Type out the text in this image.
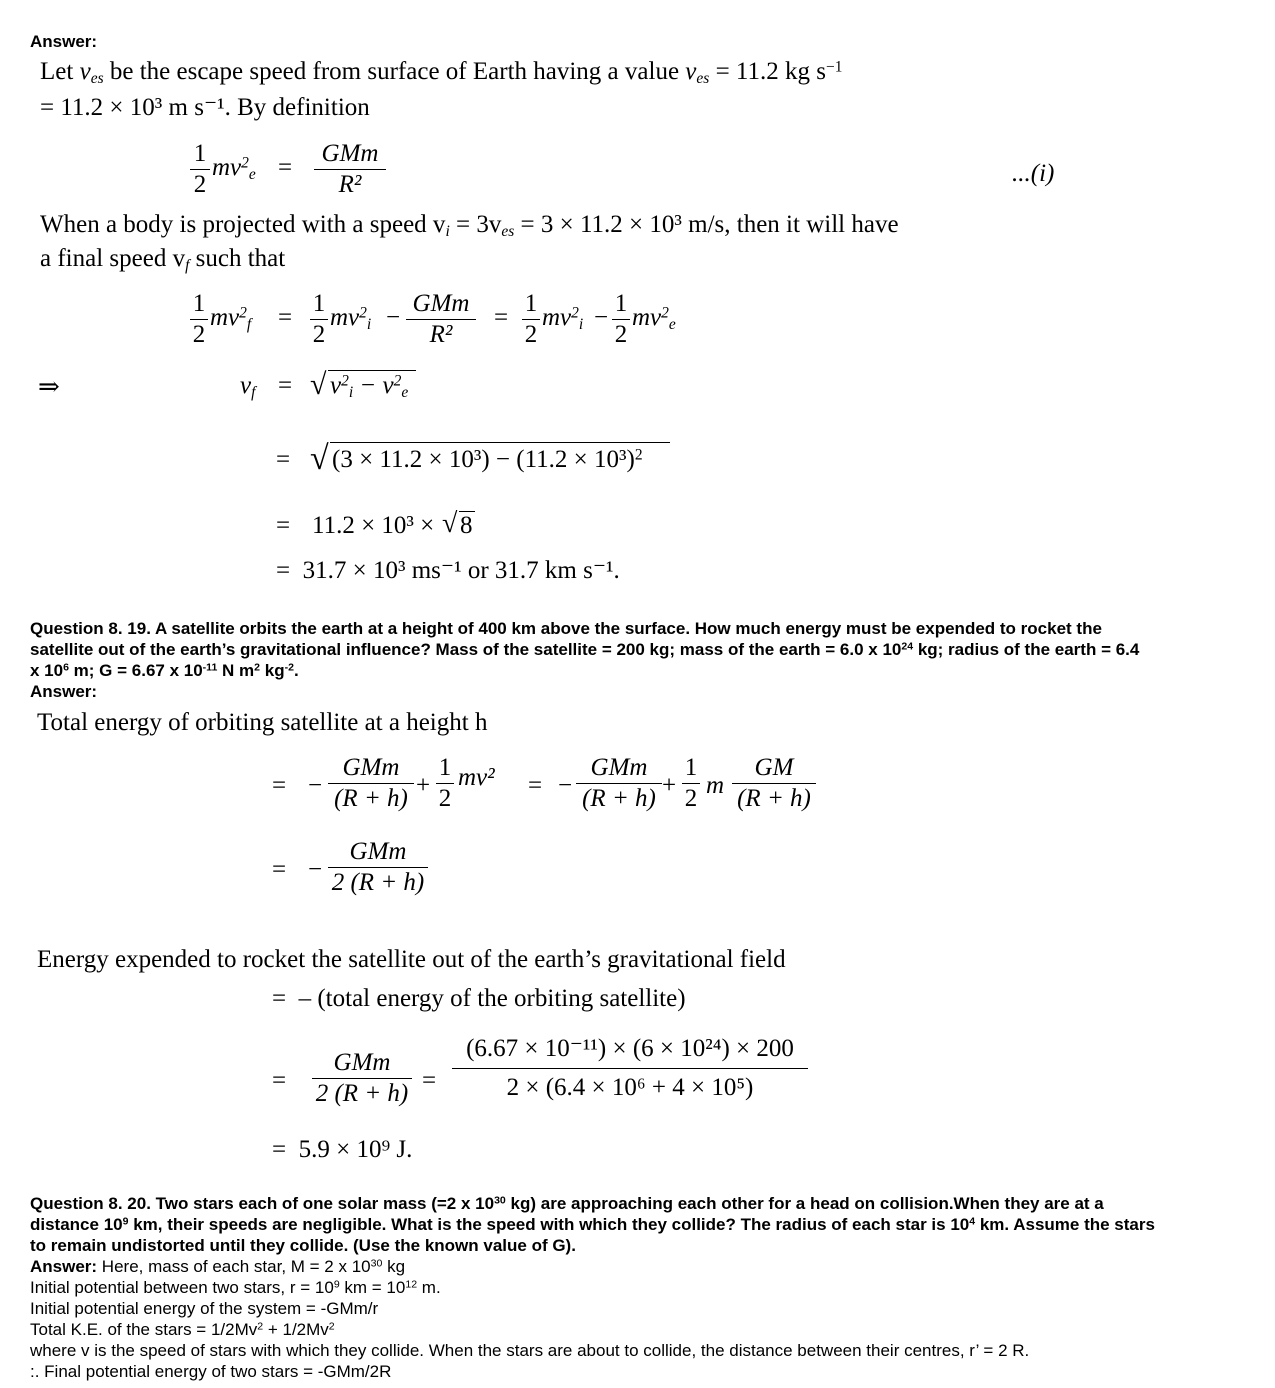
Answer:
Let $v_{es}$ be the escape speed from surface of Earth having a value $v_{es} = 11.2$ kg $s^{-1}$
= 11.2 × 10³ m s⁻¹. By definition
1
2
$mv^2_e$ =
GMm
R²	...(i)
When a body is projected with a speed $v_i = 3v_{es} = 3 \times 11.2 \times 10^3$ m/s, then it will have
a final speed $v_f$ such that
1
2
$mv^2_f$ =
1
2
$mv^2_i$ −
GMm
R²
=
1
2
$mv^2_i$ −
1
2
$mv^2_e$
⇒	$v_f$ = √ $v^2_i - v^2_e$
= √ $(3 \times 11.2 \times 10^3) - (11.2 \times 10^3)^2$
= 11.2 × 10³ × √ 8
= 31.7 × 10³ ms⁻¹ or 31.7 km s⁻¹.
Question 8. 19. A satellite orbits the earth at a height of 400 km above the surface. How much energy must be expended to rocket the
satellite out of the earth’s gravitational influence? Mass of the satellite = 200 kg; mass of the earth = 6.0 x $10^{24}$ kg; radius of the earth = 6.4
x $10^6$ m; G = 6.67 x $10^{-11}$ N $m^2$ $kg^{-2}$.
Answer:
Total energy of orbiting satellite at a height h
= −
GMm
(R + h) +
1
2
mv² = −
GMm
(R + h) +
1
2 m
GM
(R + h)
= −
GMm
2 (R + h)
Energy expended to rocket the satellite out of the earth’s gravitational field
= – (total energy of the orbiting satellite)
=
GMm
2 (R + h) =
(6.67 × 10⁻¹¹) × (6 × 10²⁴) × 200
2 × (6.4 × 10⁶ + 4 × 10⁵)
= 5.9 × 10⁹ J.
Question 8. 20. Two stars each of one solar mass (=2 x $10^{30}$ kg) are approaching each other for a head on collision.When they are at a
distance $10^9$ km, their speeds are negligible. What is the speed with which they collide? The radius of each star is $10^4$ km. Assume the stars
to remain undistorted until they collide. (Use the known value of G).
Answer: Here, mass of each star, M = 2 x $10^{30}$ kg
Initial potential between two stars, $r = 10^9$ km = $10^{12}$ m.
Initial potential energy of the system = -GMm/r
Total K.E. of the stars = $1/2Mv^2 + 1/2Mv^2$
where v is the speed of stars with which they collide. When the stars are about to collide, the distance between their centres, r’ = 2 R.
:. Final potential energy of two stars = -GMm/2R
